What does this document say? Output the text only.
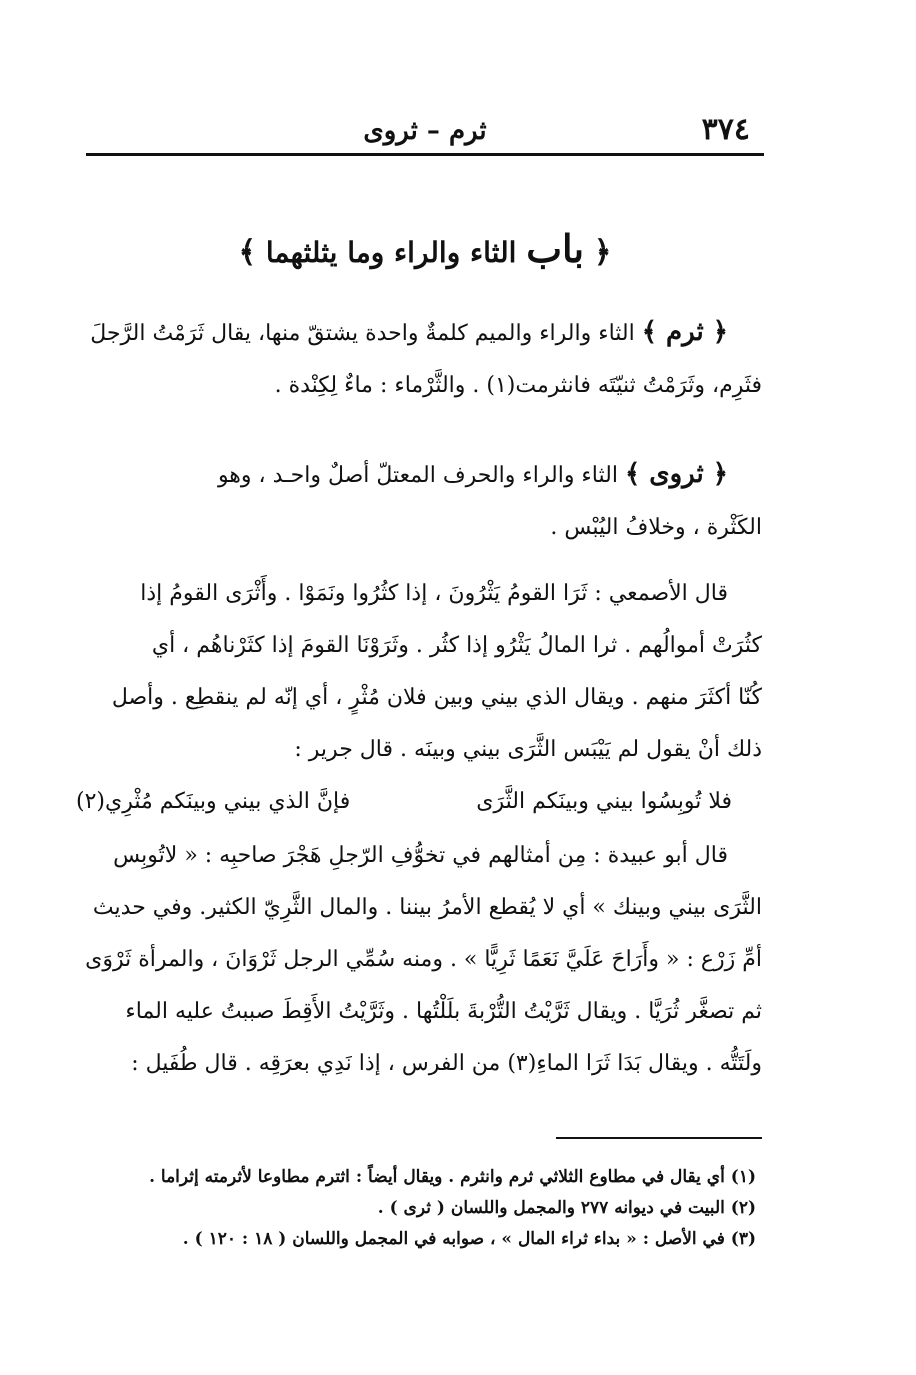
٣٧٤
ثرم – ثروى
﴿ باب الثاء والراء وما يثلثهما ﴾

﴿ ثرم ﴾ الثاء والراء والميم كلمةٌ واحدة يشتقّ منها، يقال ثَرَمْتُ الرَّجلَ

فثَرِم، وثَرَمْتُ ثنيّتَه فانثرمت(١) . والثَّرْماء : ماءٌ لِكِنْدة .

﴿ ثروى ﴾ الثاء والراء والحرف المعتلّ أصلٌ واحـد ، وهو

الكَثْرة ، وخلافُ اليُبْس .

قال الأصمعي : ثَرَا القومُ يَثْرُونَ ، إذا كثُرُوا ونَمَوْا . وأَثْرَى القومُ إذا

كثُرَتْ أموالُهم . ثرا المالُ يَثْرُو إذا كثُر . وثَرَوْنَا القومَ إذا كثَرْناهُم ، أي

كُنّا أكثَرَ منهم . ويقال الذي بيني وبين فلان مُثْرٍ ، أي إنّه لم ينقطِع . وأصل

ذلك أنْ يقول لم يَيْبَس الثَّرَى بيني وبينَه . قال جرير :

فلا تُوبِسُوا بيني وبينَكم الثَّرَى
فإنَّ الذي بيني وبينَكم مُثْرِي(٢)

قال أبو عبيدة : مِن أمثالهم في تخوُّفِ الرّجلِ هَجْرَ صاحبِه : « لاتُوبِس

الثَّرَى بيني وبينك » أي لا يُقطع الأمرُ بيننا . والمال الثَّرِيّ الكثير. وفي حديث

أمِّ زَرْع : « وأَرَاحَ عَلَيَّ نَعَمًا ثَرِيًّا » . ومنه سُمِّي الرجل ثَرْوَانَ ، والمرأة ثَرْوَى

ثم تصغَّر ثُرَيَّا . ويقال ثَرَّيْتُ التُّرْبةَ بلَلْتُها . وثَرَّيْتُ الأَقِطَ صببتُ عليه الماء

ولَتَتُّه . ويقال بَدَا ثَرَا الماءِ(٣) من الفرس ، إذا نَدِي بعرَقِه . قال طُفَيل :

(١) أي يقال في مطاوع الثلاثي ثرم وانثرم . ويقال أيضاً : اثترم مطاوعا لأثرمته إثراما .

(٢) البيت في ديوانه ٢٧٧ والمجمل واللسان ( ثرى ) .

(٣) في الأصل : « بداء ثراء المال » ، صوابه في المجمل واللسان ( ١٨ : ١٢٠ ) .
